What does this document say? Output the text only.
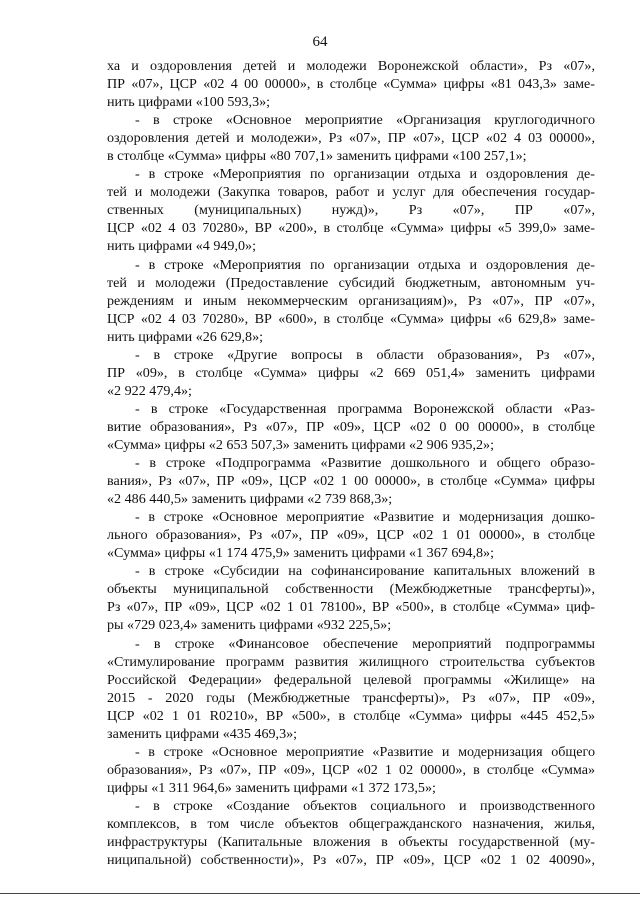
64
ха и оздоровления детей и молодежи Воронежской области», Рз «07»,
ПР «07», ЦСР «02 4 00 00000», в столбце «Сумма» цифры «81 043,3» заме-
нить цифрами «100 593,3»;
- в строке «Основное мероприятие «Организация круглогодичного
оздоровления детей и молодежи», Рз «07», ПР «07», ЦСР «02 4 03 00000»,
в столбце «Сумма» цифры «80 707,1» заменить цифрами «100 257,1»;
- в строке «Мероприятия по организации отдыха и оздоровления де-
тей и молодежи (Закупка товаров, работ и услуг для обеспечения государ-
ственных (муниципальных) нужд)», Рз «07», ПР «07»,
ЦСР «02 4 03 70280», ВР «200», в столбце «Сумма» цифры «5 399,0» заме-
нить цифрами «4 949,0»;
- в строке «Мероприятия по организации отдыха и оздоровления де-
тей и молодежи (Предоставление субсидий бюджетным, автономным уч-
реждениям и иным некоммерческим организациям)», Рз «07», ПР «07»,
ЦСР «02 4 03 70280», ВР «600», в столбце «Сумма» цифры «6 629,8» заме-
нить цифрами «26 629,8»;
- в строке «Другие вопросы в области образования», Рз «07»,
ПР «09», в столбце «Сумма» цифры «2 669 051,4» заменить цифрами
«2 922 479,4»;
- в строке «Государственная программа Воронежской области «Раз-
витие образования», Рз «07», ПР «09», ЦСР «02 0 00 00000», в столбце
«Сумма» цифры «2 653 507,3» заменить цифрами «2 906 935,2»;
- в строке «Подпрограмма «Развитие дошкольного и общего образо-
вания», Рз «07», ПР «09», ЦСР «02 1 00 00000», в столбце «Сумма» цифры
«2 486 440,5» заменить цифрами «2 739 868,3»;
- в строке «Основное мероприятие «Развитие и модернизация дошко-
льного образования», Рз «07», ПР «09», ЦСР «02 1 01 00000», в столбце
«Сумма» цифры «1 174 475,9» заменить цифрами «1 367 694,8»;
- в строке «Субсидии на софинансирование капитальных вложений в
объекты муниципальной собственности (Межбюджетные трансферты)»,
Рз «07», ПР «09», ЦСР «02 1 01 78100», ВР «500», в столбце «Сумма» циф-
ры «729 023,4» заменить цифрами «932 225,5»;
- в строке «Финансовое обеспечение мероприятий подпрограммы
«Стимулирование программ развития жилищного строительства субъектов
Российской Федерации» федеральной целевой программы «Жилище» на
2015 - 2020 годы (Межбюджетные трансферты)», Рз «07», ПР «09»,
ЦСР «02 1 01 R0210», ВР «500», в столбце «Сумма» цифры «445 452,5»
заменить цифрами «435 469,3»;
- в строке «Основное мероприятие «Развитие и модернизация общего
образования», Рз «07», ПР «09», ЦСР «02 1 02 00000», в столбце «Сумма»
цифры «1 311 964,6» заменить цифрами «1 372 173,5»;
- в строке «Создание объектов социального и производственного
комплексов, в том числе объектов общегражданского назначения, жилья,
инфраструктуры (Капитальные вложения в объекты государственной (му-
ниципальной) собственности)», Рз «07», ПР «09», ЦСР «02 1 02 40090»,
